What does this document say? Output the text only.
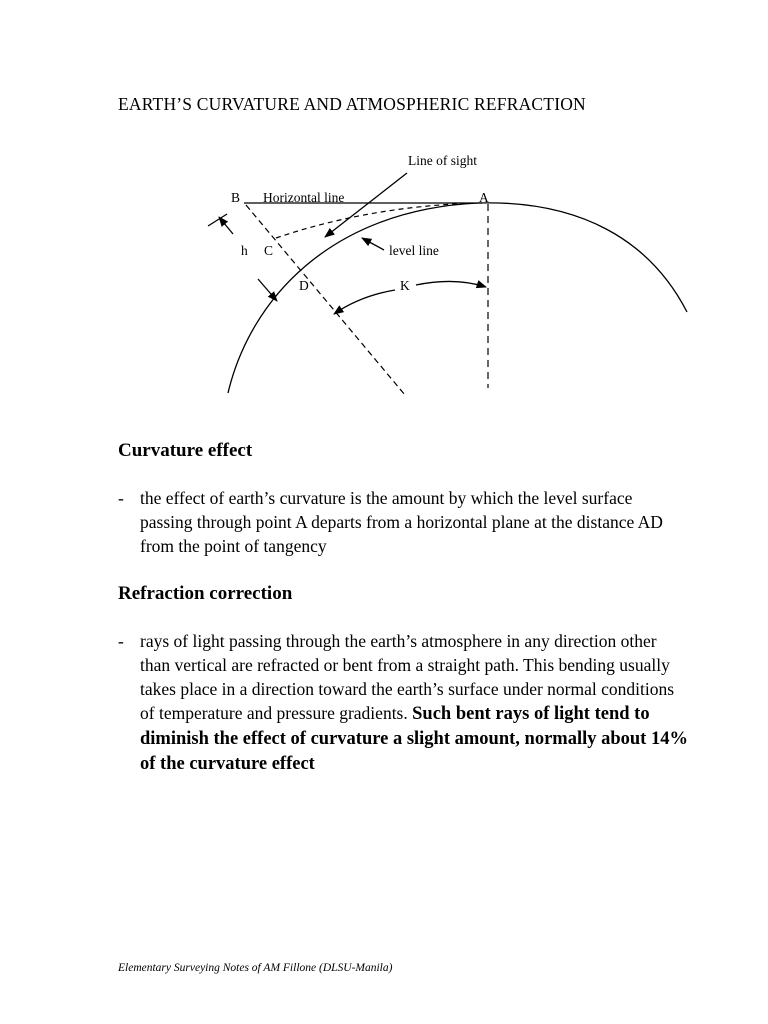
EARTH’S CURVATURE AND ATMOSPHERIC REFRACTION
Line of sight
B Horizontal line	A
h C	level line
D	K
Curvature effect
- the effect of earth’s curvature is the amount by which the level surface passing through point A departs from a horizontal plane at the distance AD from the point of tangency
Refraction correction
- rays of light passing through the earth’s atmosphere in any direction other than vertical are refracted or bent from a straight path. This bending usually takes place in a direction toward the earth’s surface under normal conditions of temperature and pressure gradients. Such bent rays of light tend to diminish the effect of curvature a slight amount, normally about 14% of the curvature effect
Elementary Surveying Notes of AM Fillone (DLSU-Manila)
